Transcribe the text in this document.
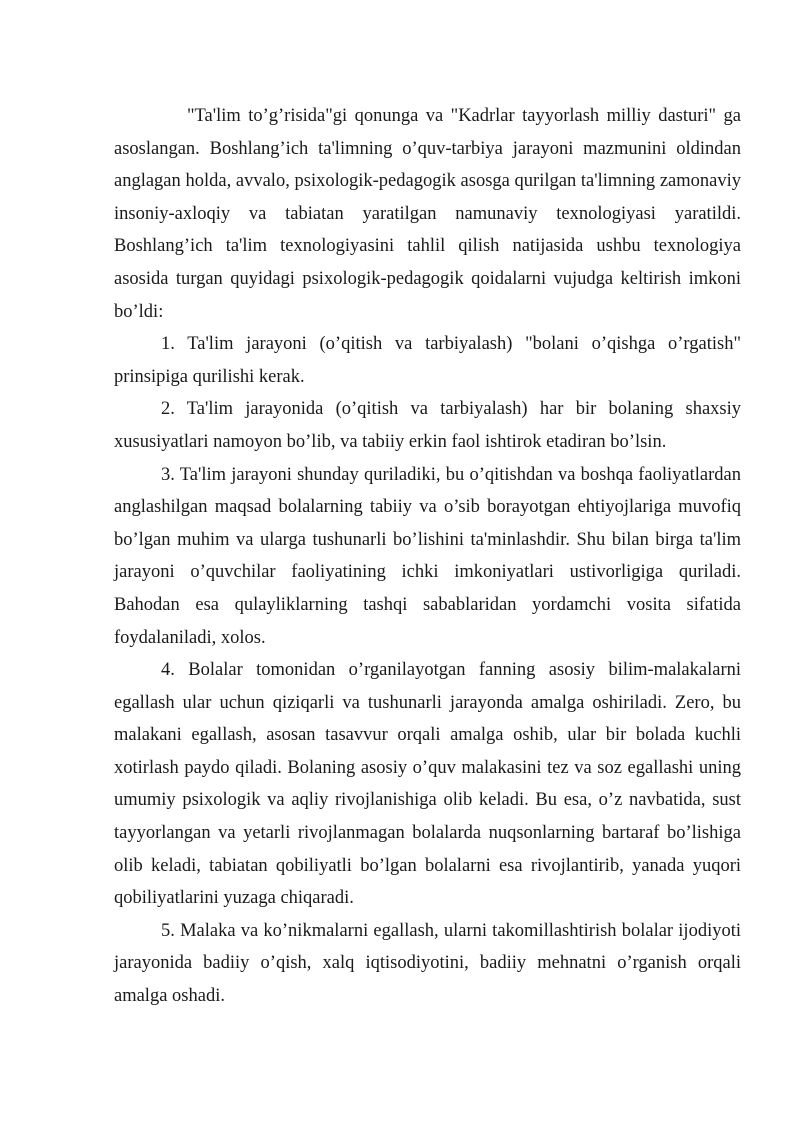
"Ta'lim to’g’risida"gi qonunga va "Kadrlar tayyorlash milliy dasturi" ga asoslangan. Boshlang’ich ta'limning o’quv-tarbiya jarayoni mazmunini oldindan anglagan holda, avvalo, psixologik-pedagogik asosga qurilgan ta'limning zamonaviy insoniy-axloqiy va tabiatan yaratilgan namunaviy texnologiyasi yaratildi. Boshlang’ich ta'lim texnologiyasini tahlil qilish natijasida ushbu texnologiya asosida turgan quyidagi psixologik-pedagogik qoidalarni vujudga keltirish imkoni bo’ldi:

1. Ta'lim jarayoni (o’qitish va tarbiyalash) "bolani o’qishga o’rgatish" prinsipiga qurilishi kerak.

2. Ta'lim jarayonida (o’qitish va tarbiyalash) har bir bolaning shaxsiy xususiyatlari namoyon bo’lib, va tabiiy erkin faol ishtirok etadiran bo’lsin.

3. Ta'lim jarayoni shunday quriladiki, bu o’qitishdan va boshqa faoliyatlardan anglashilgan maqsad bolalarning tabiiy va o’sib borayotgan ehtiyojlariga muvofiq bo’lgan muhim va ularga tushunarli bo’lishini ta'minlashdir. Shu bilan birga ta'lim jarayoni o’quvchilar faoliyatining ichki imkoniyatlari ustivorligiga quriladi. Bahodan esa qulayliklarning tashqi sabablaridan yordamchi vosita sifatida foydalaniladi, xolos.

4. Bolalar tomonidan o’rganilayotgan fanning asosiy bilim-malakalarni egallash ular uchun qiziqarli va tushunarli jarayonda amalga oshiriladi. Zero, bu malakani egallash, asosan tasavvur orqali amalga oshib, ular bir bolada kuchli xotirlash paydo qiladi. Bolaning asosiy o’quv malakasini tez va soz egallashi uning umumiy psixologik va aqliy rivojlanishiga olib keladi. Bu esa, o’z navbatida, sust tayyorlangan va yetarli rivojlanmagan bolalarda nuqsonlarning bartaraf bo’lishiga olib keladi, tabiatan qobiliyatli bo’lgan bolalarni esa rivojlantirib, yanada yuqori qobiliyatlarini yuzaga chiqaradi.

5. Malaka va ko’nikmalarni egallash, ularni takomillashtirish bolalar ijodiyoti jarayonida badiiy o’qish, xalq iqtisodiyotini, badiiy mehnatni o’rganish orqali amalga oshadi.
